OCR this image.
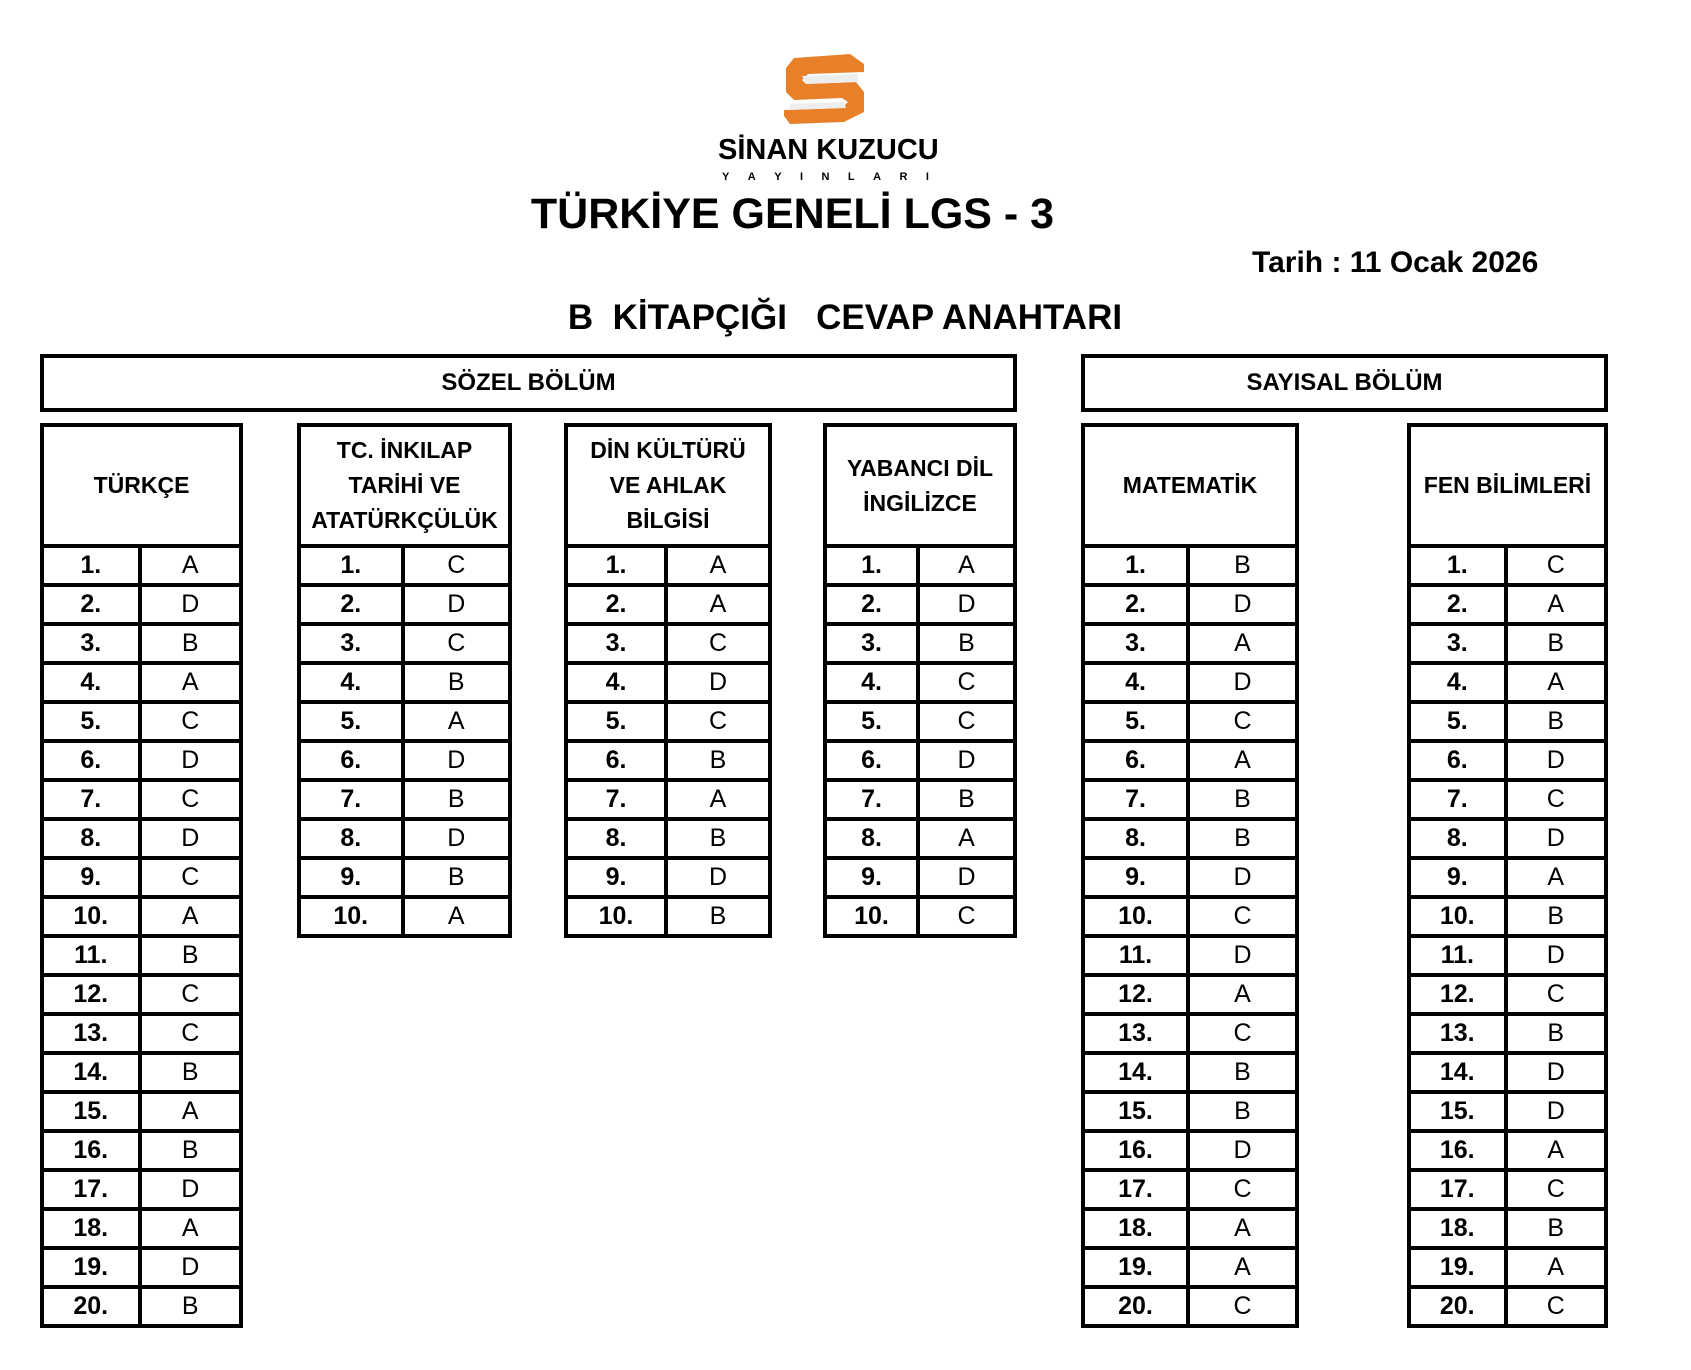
SİNAN KUZUCU
Y A Y I N L A R I
TÜRKİYE GENELİ LGS - 3
Tarih : 11 Ocak 2026
B  KİTAPÇIĞI   CEVAP ANAHTARI
SÖZEL BÖLÜM	SAYISAL BÖLÜM
TÜRKÇE
1.	A
2.	D
3.	B
4.	A
5.	C
6.	D
7.	C
8.	D
9.	C
10.	A
11.	B
12.	C
13.	C
14.	B
15.	A
16.	B
17.	D
18.	A
19.	D
20.	B
TC. İNKILAP TARİHİ VE ATATÜRKÇÜLÜK
1.	C
2.	D
3.	C
4.	B
5.	A
6.	D
7.	B
8.	D
9.	B
10.	A
DİN KÜLTÜRÜ VE AHLAK BİLGİSİ
1.	A
2.	A
3.	C
4.	D
5.	C
6.	B
7.	A
8.	B
9.	D
10.	B
YABANCI DİL İNGİLİZCE
1.	A
2.	D
3.	B
4.	C
5.	C
6.	D
7.	B
8.	A
9.	D
10.	C
MATEMATİK
1.	B
2.	D
3.	A
4.	D
5.	C
6.	A
7.	B
8.	B
9.	D
10.	C
11.	D
12.	A
13.	C
14.	B
15.	B
16.	D
17.	C
18.	A
19.	A
20.	C
FEN BİLİMLERİ
1.	C
2.	A
3.	B
4.	A
5.	B
6.	D
7.	C
8.	D
9.	A
10.	B
11.	D
12.	C
13.	B
14.	D
15.	D
16.	A
17.	C
18.	B
19.	A
20.	C
